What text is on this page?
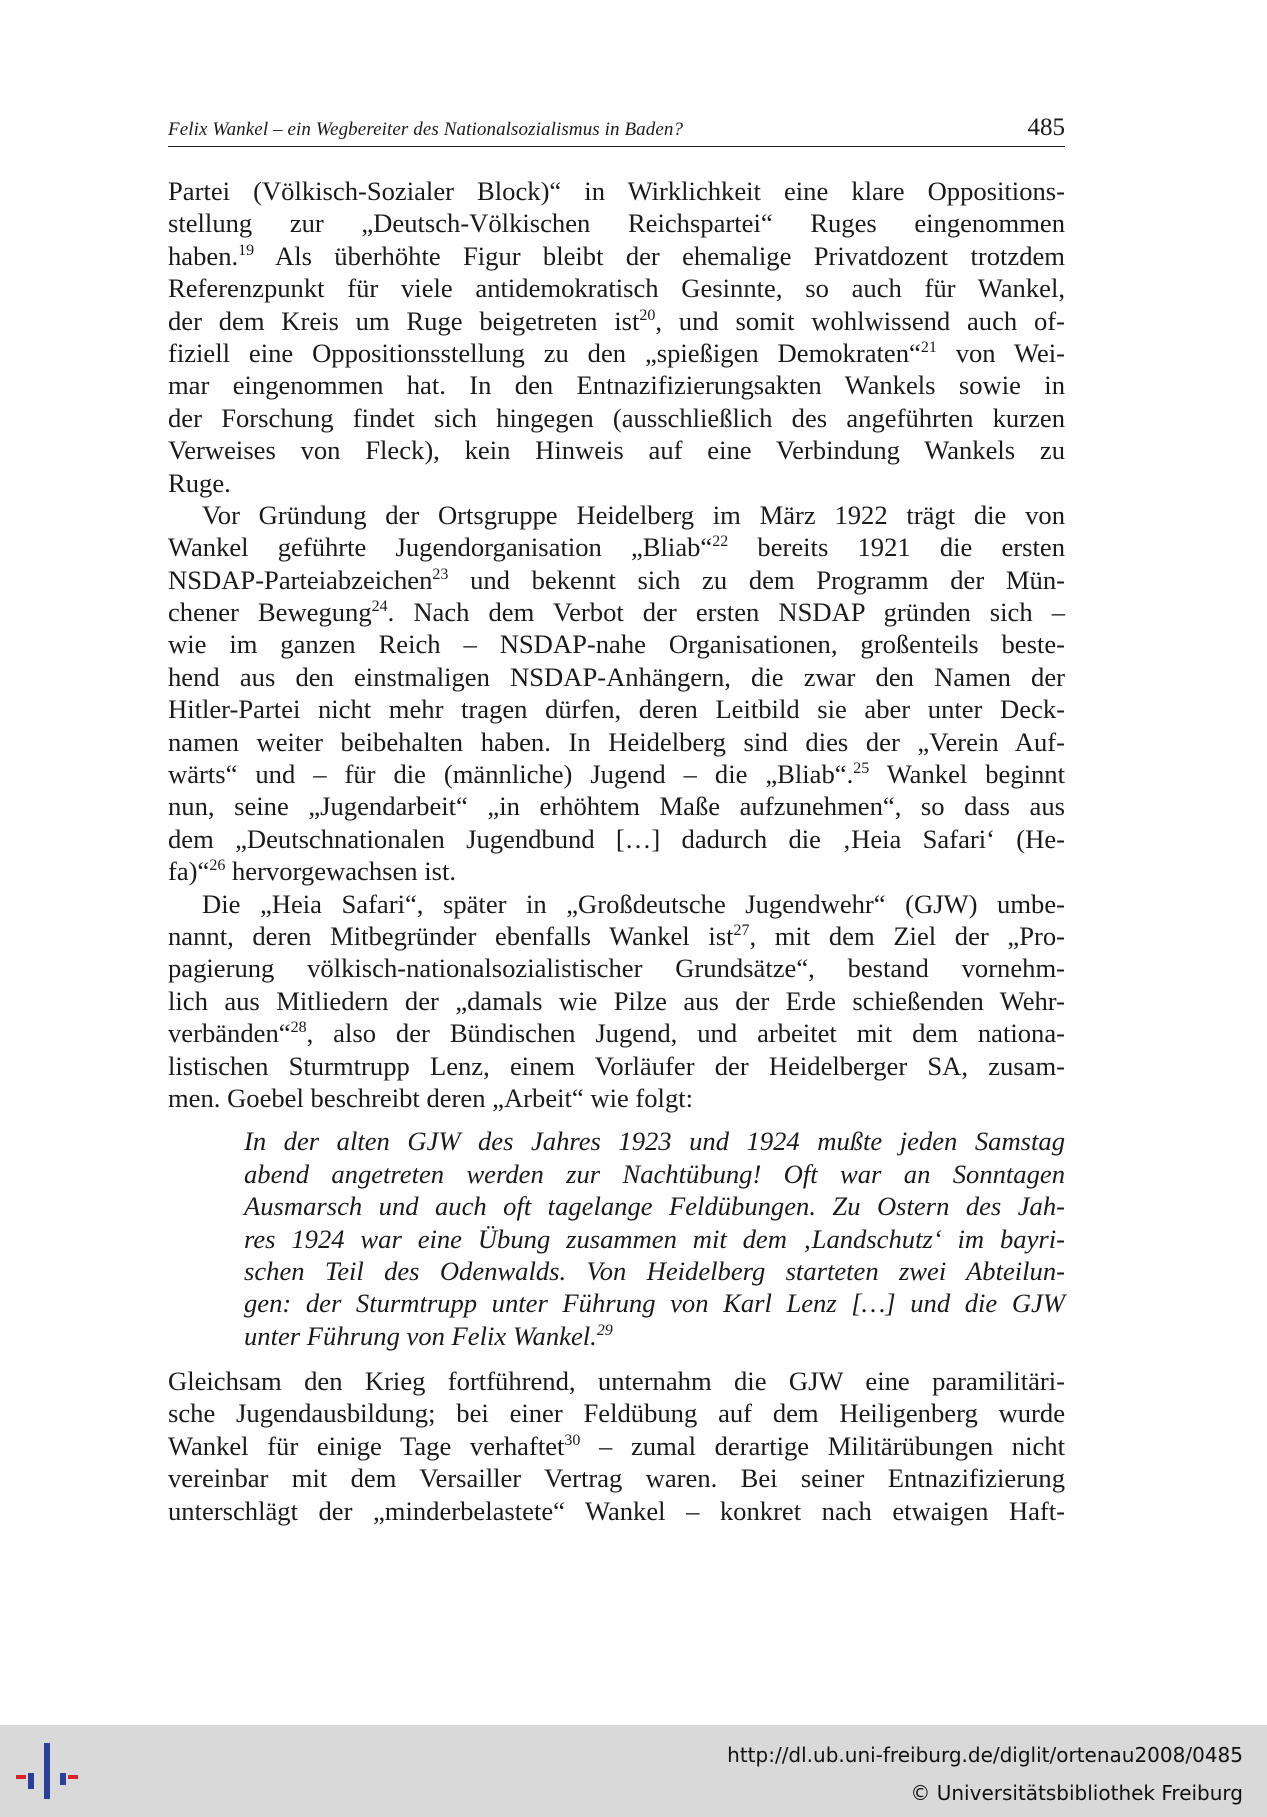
Felix Wankel – ein Wegbereiter des Nationalsozialismus in Baden?	485
Partei (Völkisch-Sozialer Block)“ in Wirklichkeit eine klare Oppositions-
stellung zur „Deutsch-Völkischen Reichspartei“ Ruges eingenommen
haben.$^{19}$ Als überhöhte Figur bleibt der ehemalige Privatdozent trotzdem
Referenzpunkt für viele antidemokratisch Gesinnte, so auch für Wankel,
der dem Kreis um Ruge beigetreten ist$^{20}$, und somit wohlwissend auch of-
fiziell eine Oppositionsstellung zu den „spießigen Demokraten“$^{21}$ von Wei-
mar eingenommen hat. In den Entnazifizierungsakten Wankels sowie in
der Forschung findet sich hingegen (ausschließlich des angeführten kurzen
Verweises von Fleck), kein Hinweis auf eine Verbindung Wankels zu
Ruge.
Vor Gründung der Ortsgruppe Heidelberg im März 1922 trägt die von
Wankel geführte Jugendorganisation „Bliab“$^{22}$ bereits 1921 die ersten
NSDAP-Parteiabzeichen$^{23}$ und bekennt sich zu dem Programm der Mün-
chener Bewegung$^{24}$. Nach dem Verbot der ersten NSDAP gründen sich –
wie im ganzen Reich – NSDAP-nahe Organisationen, großenteils beste-
hend aus den einstmaligen NSDAP-Anhängern, die zwar den Namen der
Hitler-Partei nicht mehr tragen dürfen, deren Leitbild sie aber unter Deck-
namen weiter beibehalten haben. In Heidelberg sind dies der „Verein Auf-
wärts“ und – für die (männliche) Jugend – die „Bliab“.$^{25}$ Wankel beginnt
nun, seine „Jugendarbeit“ „in erhöhtem Maße aufzunehmen“, so dass aus
dem „Deutschnationalen Jugendbund […] dadurch die ‚Heia Safari‘ (He-
fa)“$^{26}$ hervorgewachsen ist.
Die „Heia Safari“, später in „Großdeutsche Jugendwehr“ (GJW) umbe-
nannt, deren Mitbegründer ebenfalls Wankel ist$^{27}$, mit dem Ziel der „Pro-
pagierung völkisch-nationalsozialistischer Grundsätze“, bestand vornehm-
lich aus Mitliedern der „damals wie Pilze aus der Erde schießenden Wehr-
verbänden“$^{28}$, also der Bündischen Jugend, und arbeitet mit dem nationa-
listischen Sturmtrupp Lenz, einem Vorläufer der Heidelberger SA, zusam-
men. Goebel beschreibt deren „Arbeit“ wie folgt:
In der alten GJW des Jahres 1923 und 1924 mußte jeden Samstag
abend angetreten werden zur Nachtübung! Oft war an Sonntagen
Ausmarsch und auch oft tagelange Feldübungen. Zu Ostern des Jah-
res 1924 war eine Übung zusammen mit dem ‚Landschutz‘ im bayri-
schen Teil des Odenwalds. Von Heidelberg starteten zwei Abteilun-
gen: der Sturmtrupp unter Führung von Karl Lenz […] und die GJW
unter Führung von Felix Wankel.$^{29}$
Gleichsam den Krieg fortführend, unternahm die GJW eine paramilitäri-
sche Jugendausbildung; bei einer Feldübung auf dem Heiligenberg wurde
Wankel für einige Tage verhaftet$^{30}$ – zumal derartige Militärübungen nicht
vereinbar mit dem Versailler Vertrag waren. Bei seiner Entnazifizierung
unterschlägt der „minderbelastete“ Wankel – konkret nach etwaigen Haft-
http://dl.ub.uni-freiburg.de/diglit/ortenau2008/0485
© Universitätsbibliothek Freiburg
